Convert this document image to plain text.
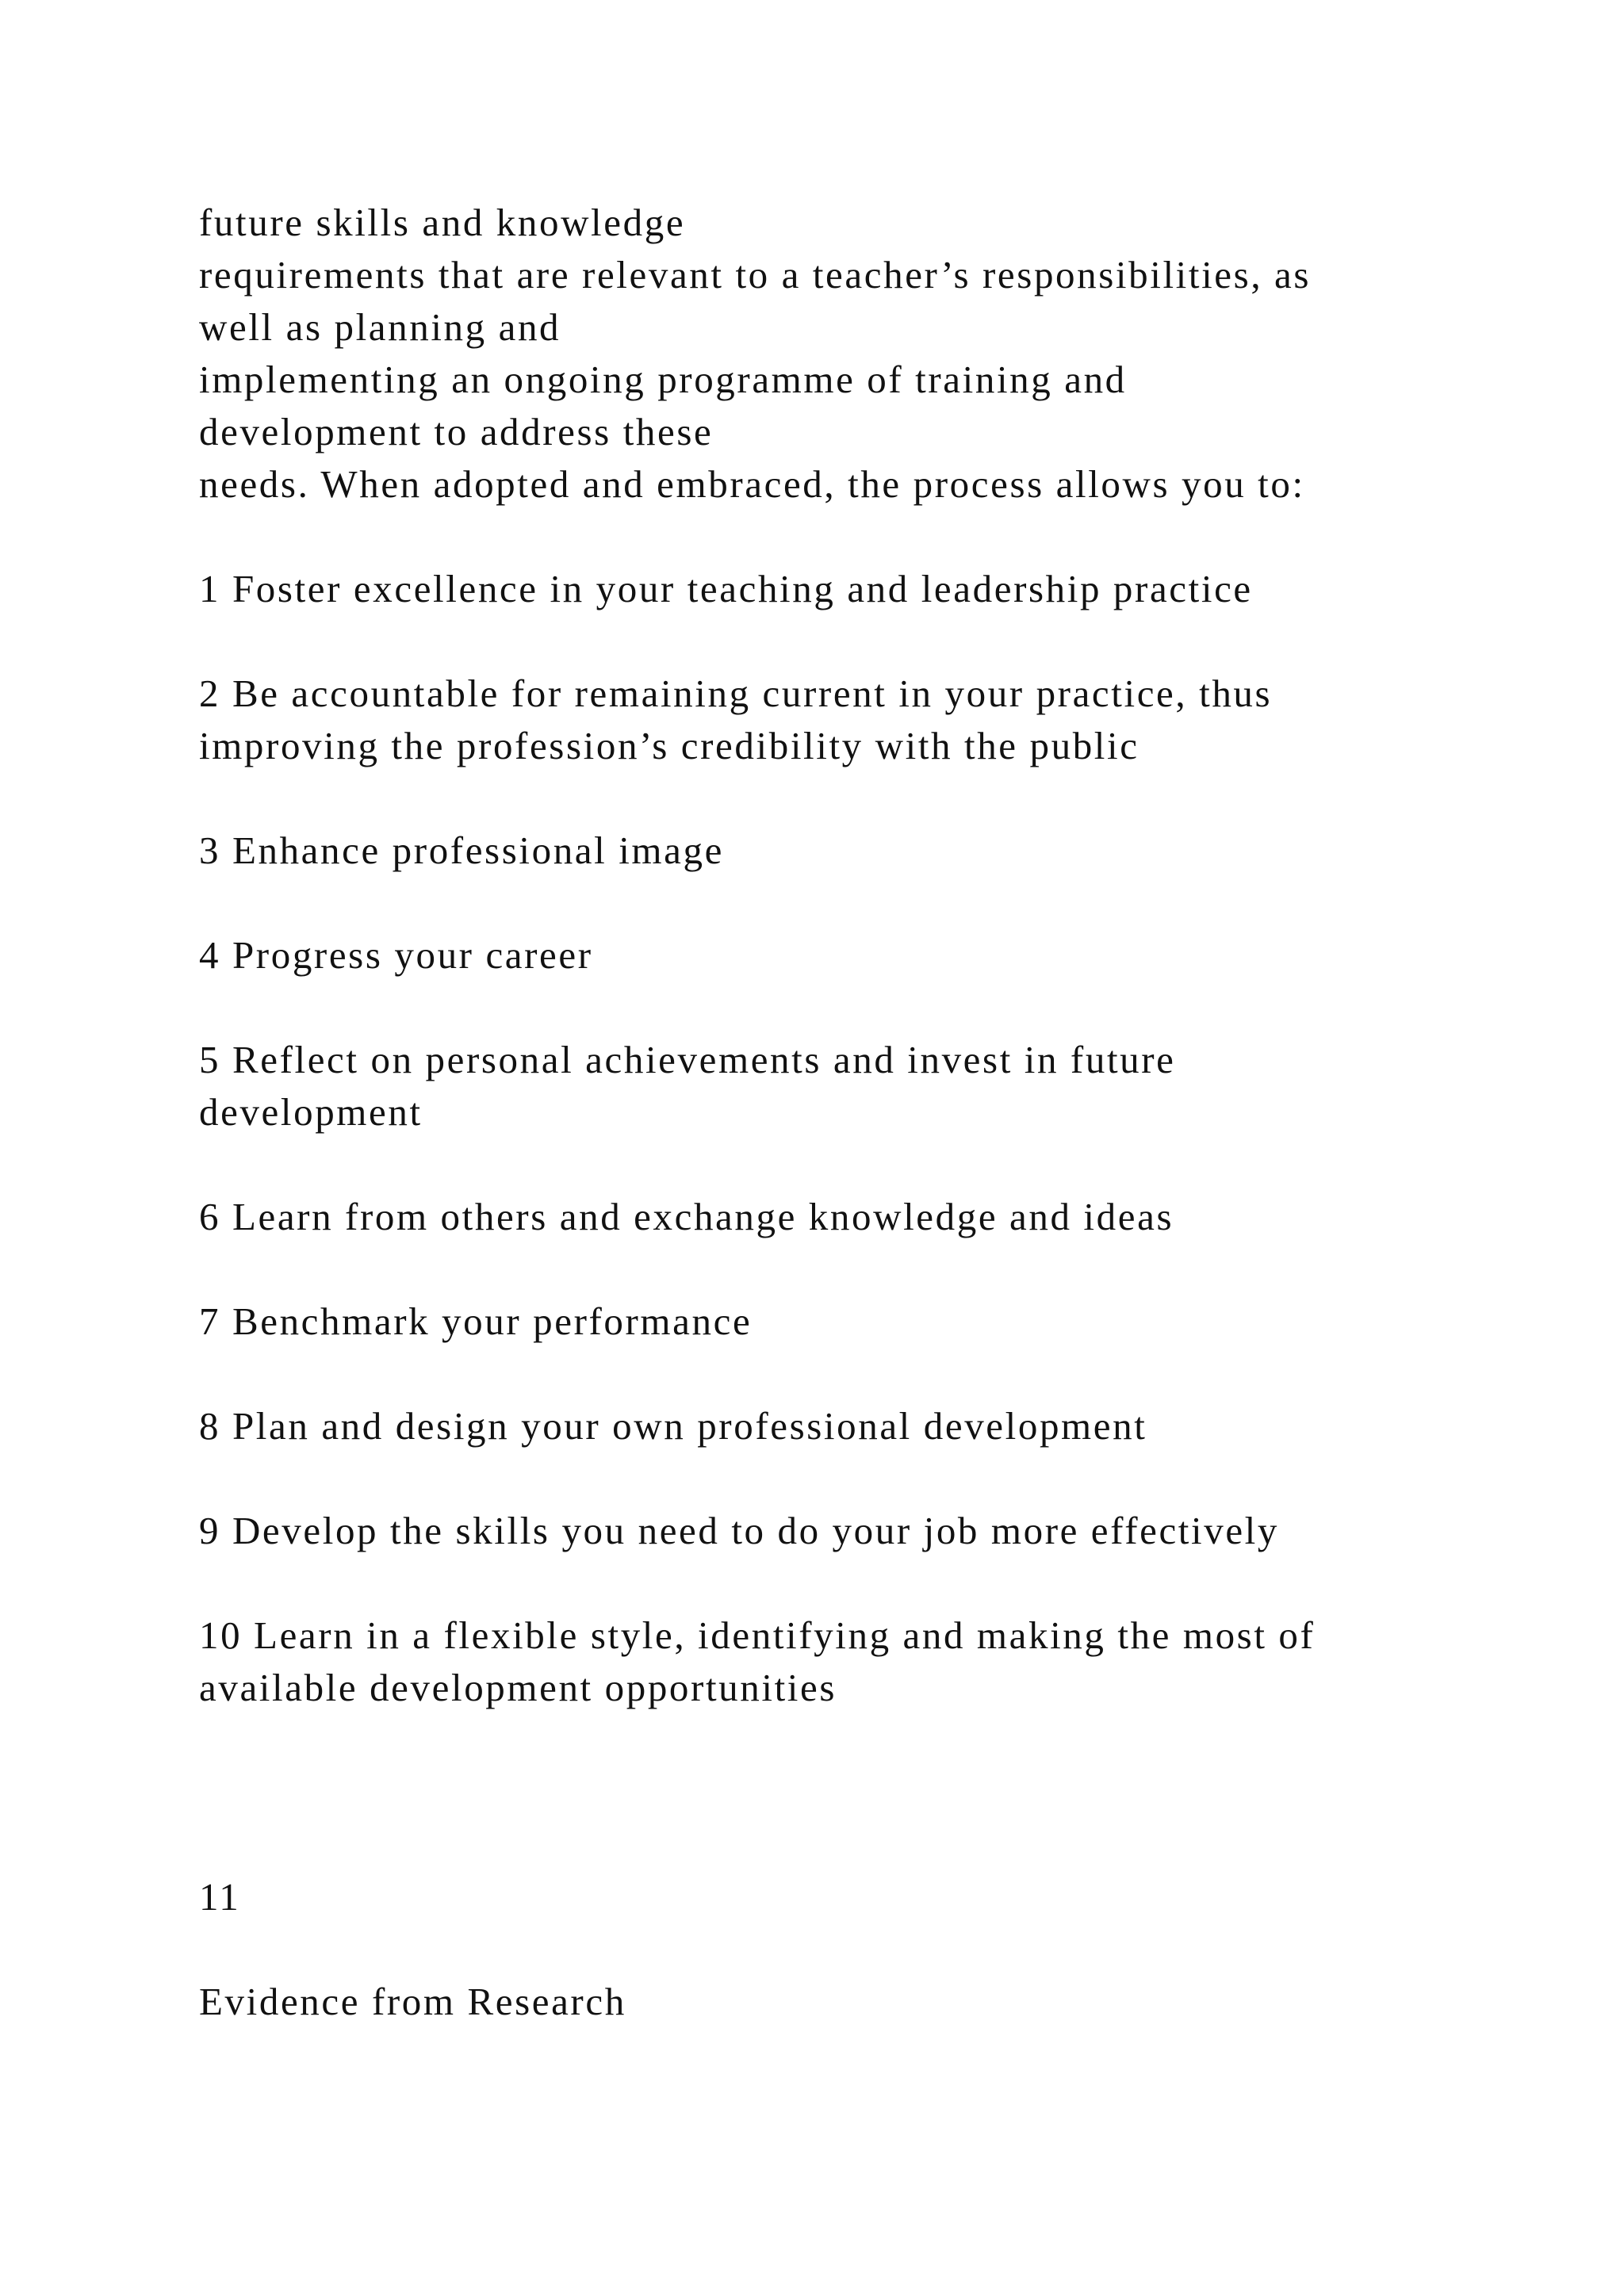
future skills and knowledge

requirements that are relevant to a teacher’s responsibilities, as

well as planning and

implementing an ongoing programme of training and

development to address these

needs. When adopted and embraced, the process allows you to:

1 Foster excellence in your teaching and leadership practice

2 Be accountable for remaining current in your practice, thus

improving the profession’s credibility with the public

3 Enhance professional image

4 Progress your career

5 Reflect on personal achievements and invest in future

development

6 Learn from others and exchange knowledge and ideas

7 Benchmark your performance

8 Plan and design your own professional development

9 Develop the skills you need to do your job more effectively

10 Learn in a flexible style, identifying and making the most of

available development opportunities

11

Evidence from Research
